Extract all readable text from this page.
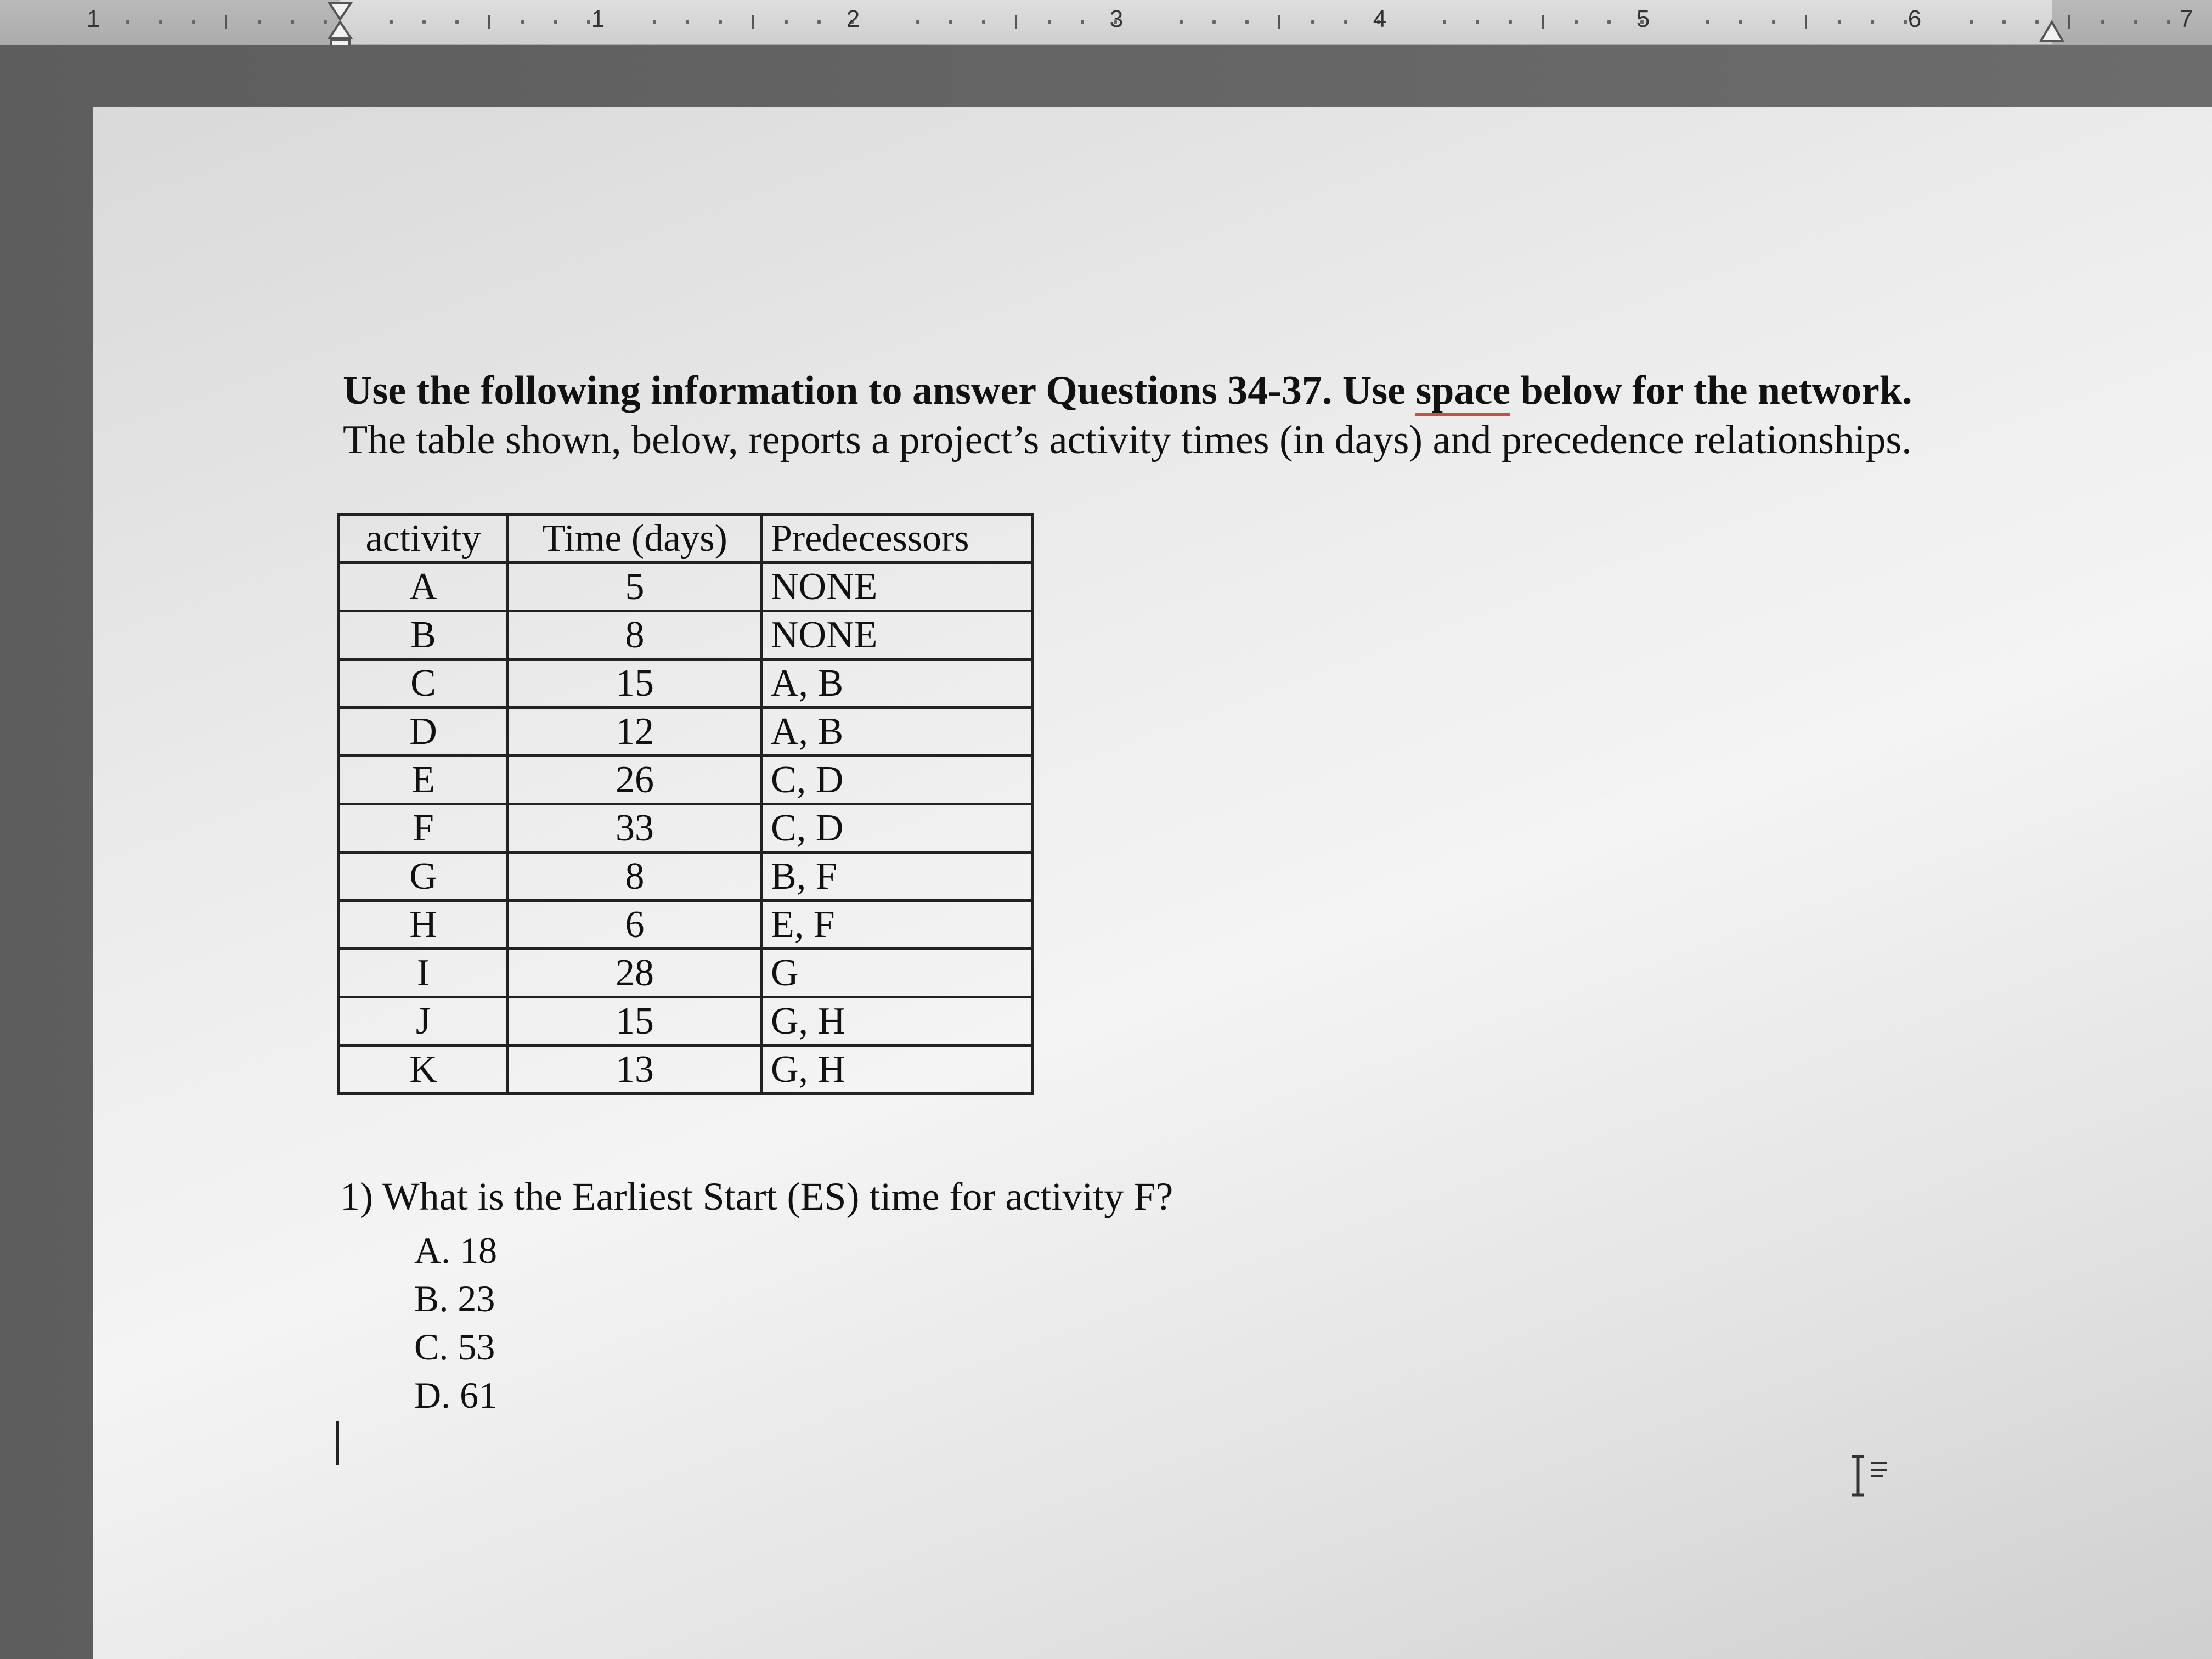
1	1	2	3	4	5	6	7
Use the following information to answer Questions 34-37. Use space below for the network.
The table shown, below, reports a project’s activity times (in days) and precedence relationships.
activity	Time (days)	Predecessors
A	5	NONE
B	8	NONE
C	15	A, B
D	12	A, B
E	26	C, D
F	33	C, D
G	8	B, F
H	6	E, F
I	28	G
J	15	G, H
K	13	G, H
1) What is the Earliest Start (ES) time for activity F?
A. 18
B. 23
C. 53
D. 61
